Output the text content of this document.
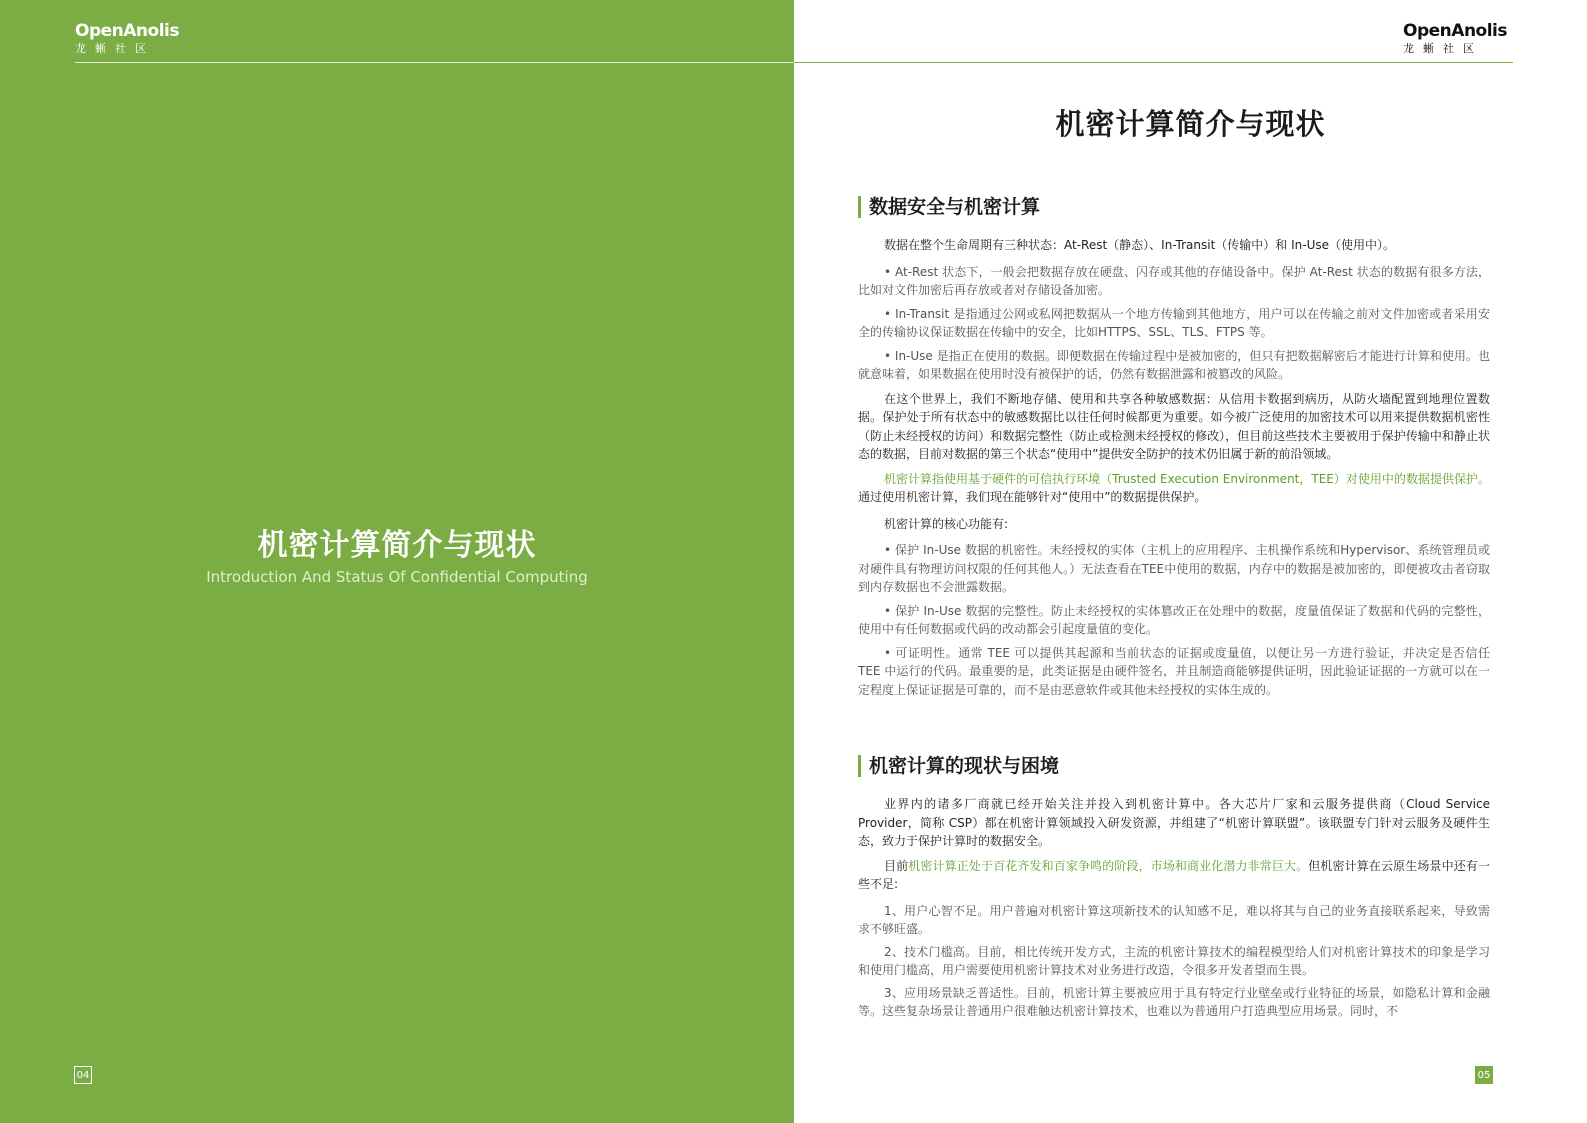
OpenAnolis
龙蜥社区
机密计算简介与现状
Introduction And Status Of Confidential Computing
04
OpenAnolis
龙蜥社区
机密计算简介与现状
数据安全与机密计算

数据在整个生命周期有三种状态：At-Rest（静态）、In-Transit（传输中）和 In-Use（使用中）。

• At-Rest 状态下，一般会把数据存放在硬盘、闪存或其他的存储设备中。保护 At-Rest 状态的数据有很多方法，比如对文件加密后再存放或者对存储设备加密。

• In-Transit 是指通过公网或私网把数据从一个地方传输到其他地方，用户可以在传输之前对文件加密或者采用安全的传输协议保证数据在传输中的安全，比如HTTPS、SSL、TLS、FTPS 等。

• In-Use 是指正在使用的数据。即便数据在传输过程中是被加密的，但只有把数据解密后才能进行计算和使用。也就意味着，如果数据在使用时没有被保护的话，仍然有数据泄露和被篡改的风险。

在这个世界上，我们不断地存储、使用和共享各种敏感数据：从信用卡数据到病历，从防火墙配置到地理位置数据。保护处于所有状态中的敏感数据比以往任何时候都更为重要。如今被广泛使用的加密技术可以用来提供数据机密性（防止未经授权的访问）和数据完整性（防止或检测未经授权的修改），但目前这些技术主要被用于保护传输中和静止状态的数据，目前对数据的第三个状态“使用中”提供安全防护的技术仍旧属于新的前沿领域。

机密计算指使用基于硬件的可信执行环境（Trusted Execution Environment，TEE）对使用中的数据提供保护。通过使用机密计算，我们现在能够针对“使用中”的数据提供保护。

机密计算的核心功能有:

• 保护 In-Use 数据的机密性。未经授权的实体（主机上的应用程序、主机操作系统和Hypervisor、系统管理员或对硬件具有物理访问权限的任何其他人。）无法查看在TEE中使用的数据，内存中的数据是被加密的，即便被攻击者窃取到内存数据也不会泄露数据。

• 保护 In-Use 数据的完整性。防止未经授权的实体篡改正在处理中的数据，度量值保证了数据和代码的完整性，使用中有任何数据或代码的改动都会引起度量值的变化。

• 可证明性。通常 TEE 可以提供其起源和当前状态的证据或度量值，以便让另一方进行验证，并决定是否信任 TEE 中运行的代码。最重要的是，此类证据是由硬件签名，并且制造商能够提供证明，因此验证证据的一方就可以在一定程度上保证证据是可靠的，而不是由恶意软件或其他未经授权的实体生成的。

机密计算的现状与困境

业界内的诸多厂商就已经开始关注并投入到机密计算中。各大芯片厂家和云服务提供商（Cloud Service Provider，简称 CSP）都在机密计算领域投入研发资源，并组建了“机密计算联盟”。该联盟专门针对云服务及硬件生态，致力于保护计算时的数据安全。

目前机密计算正处于百花齐发和百家争鸣的阶段，市场和商业化潜力非常巨大。但机密计算在云原生场景中还有一些不足:

1、用户心智不足。用户普遍对机密计算这项新技术的认知感不足，难以将其与自己的业务直接联系起来，导致需求不够旺盛。

2、技术门槛高。目前，相比传统开发方式，主流的机密计算技术的编程模型给人们对机密计算技术的印象是学习和使用门槛高，用户需要使用机密计算技术对业务进行改造，令很多开发者望而生畏。

3、应用场景缺乏普适性。目前，机密计算主要被应用于具有特定行业壁垒或行业特征的场景，如隐私计算和金融等。这些复杂场景让普通用户很难触达机密计算技术，也难以为普通用户打造典型应用场景。同时，不

05
